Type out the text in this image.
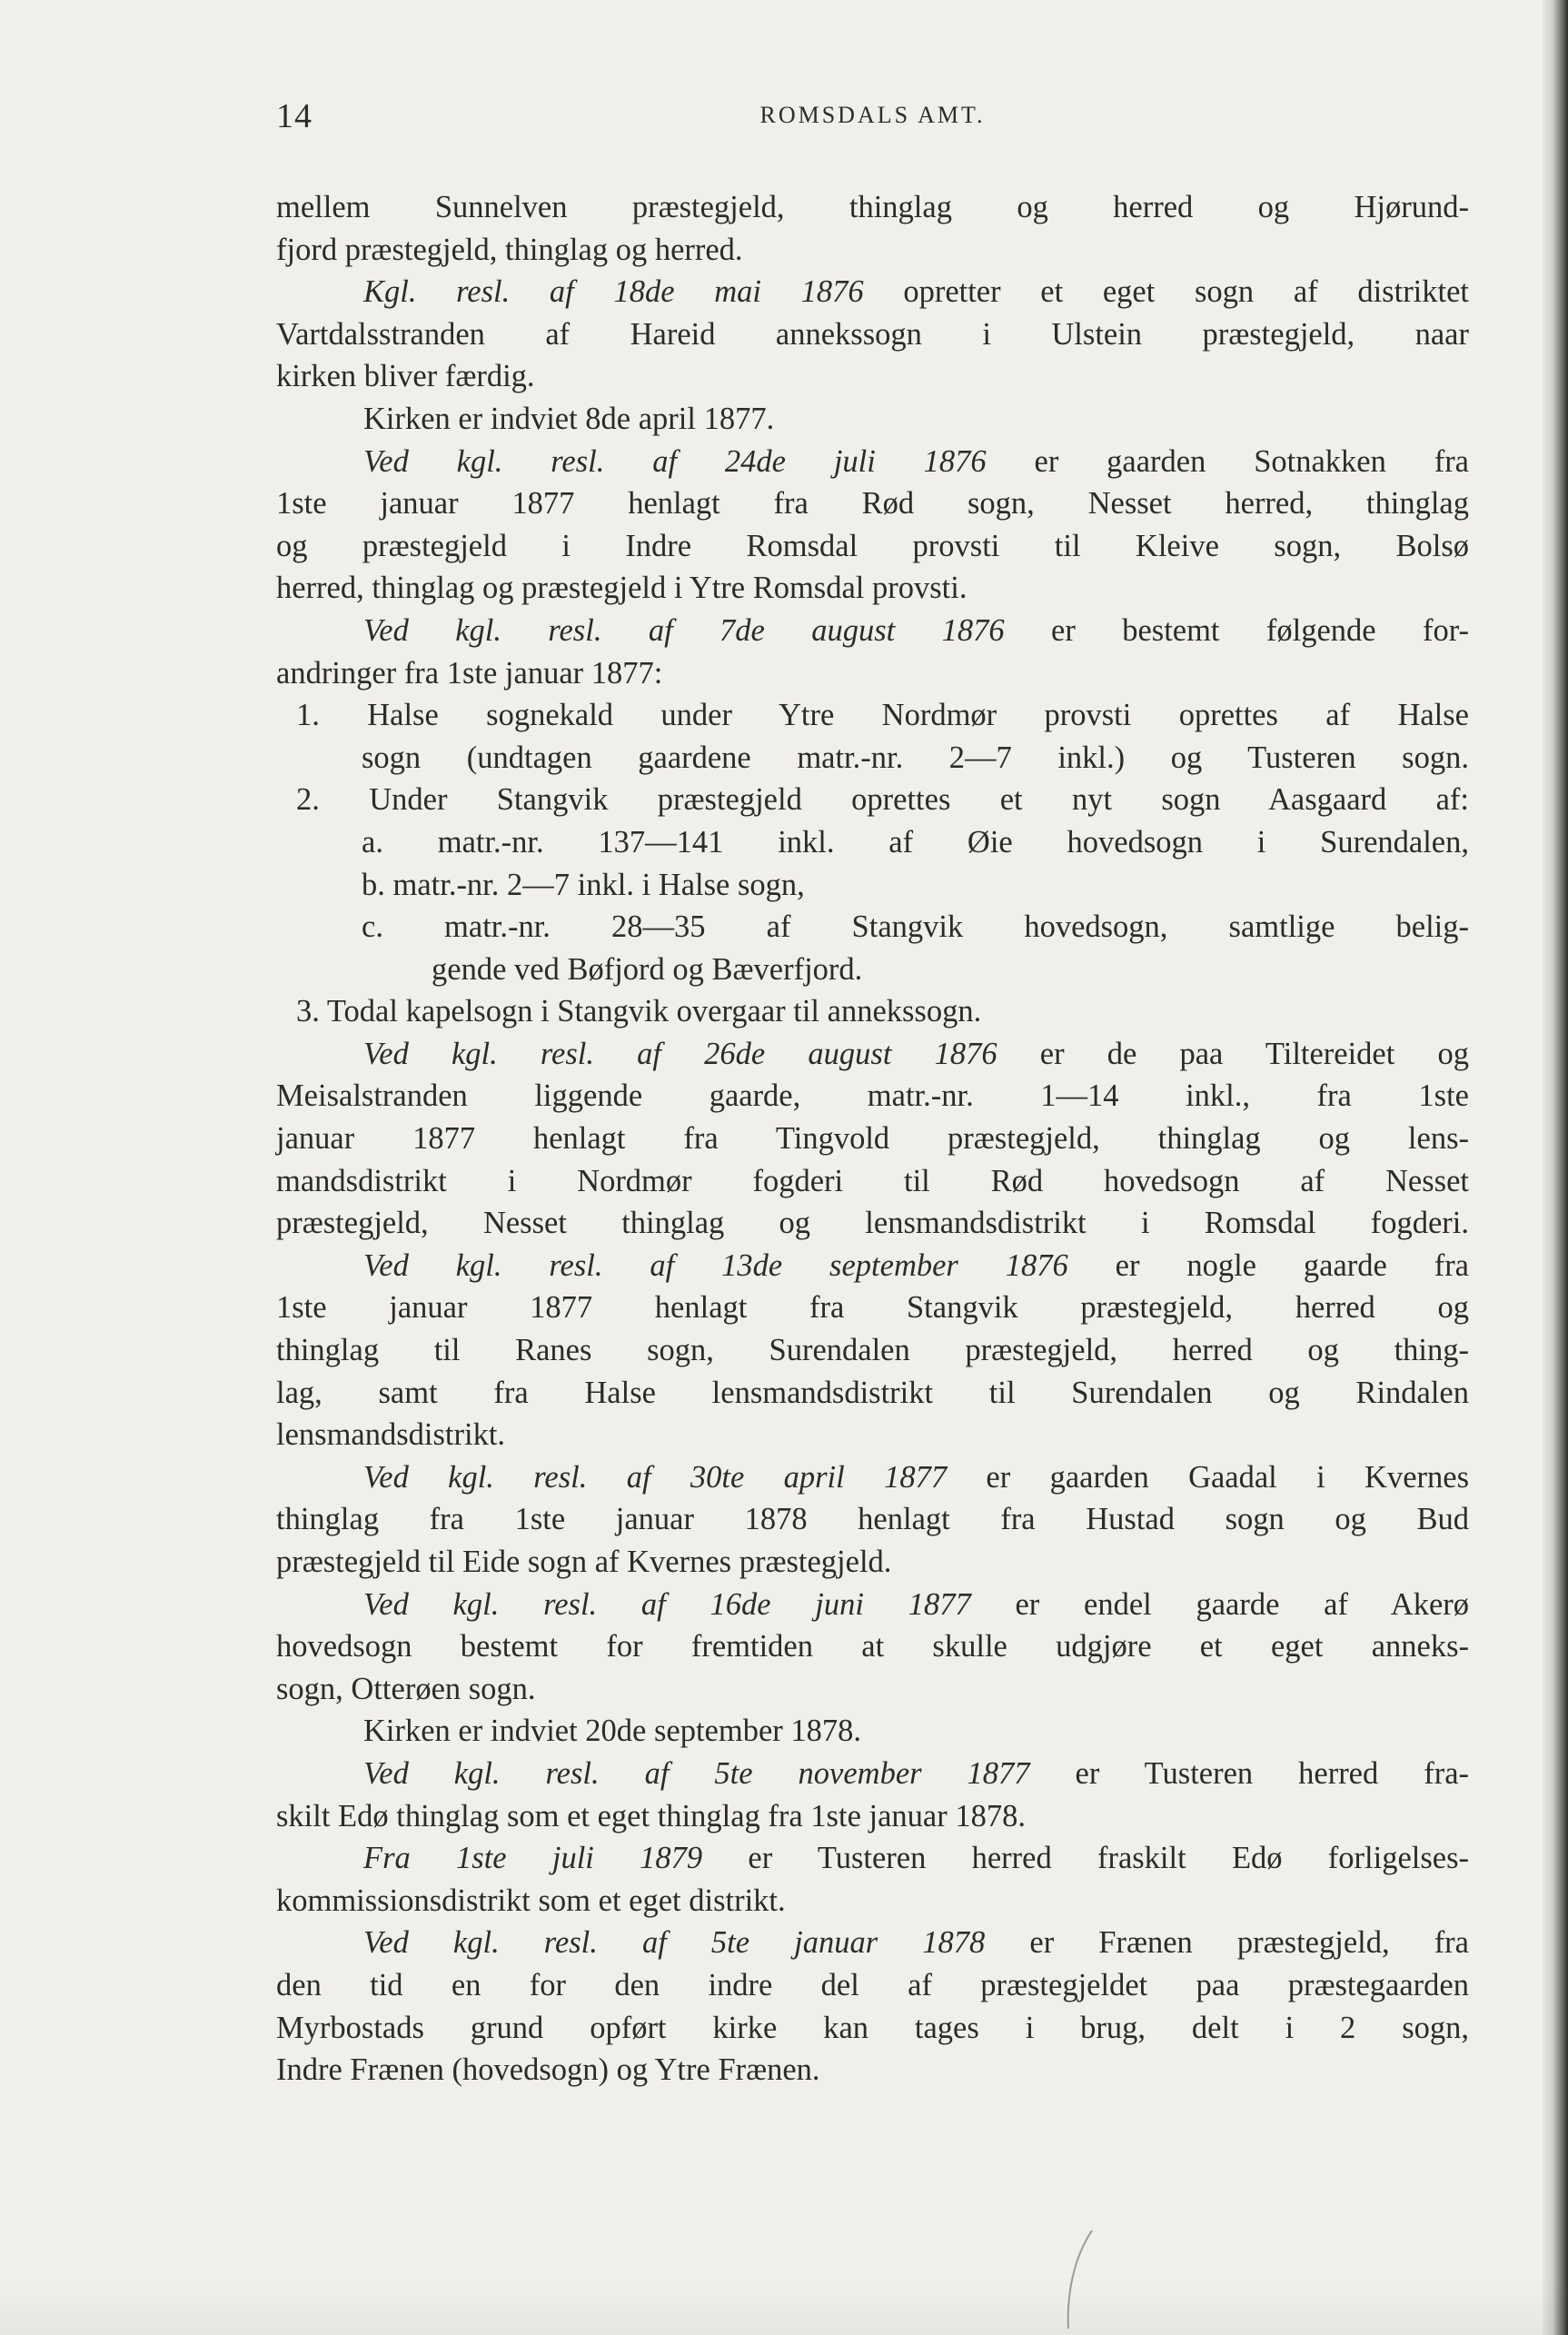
14	ROMSDALS AMT.
mellem Sunnelven præstegjeld, thinglag og herred og Hjørund-
fjord præstegjeld, thinglag og herred.
Kgl. resl. af 18de mai 1876 opretter et eget sogn af distriktet
Vartdalsstranden af Hareid annekssogn i Ulstein præstegjeld, naar
kirken bliver færdig.
Kirken er indviet 8de april 1877.
Ved kgl. resl. af 24de juli 1876 er gaarden Sotnakken fra
1ste januar 1877 henlagt fra Rød sogn, Nesset herred, thinglag
og præstegjeld i Indre Romsdal provsti til Kleive sogn, Bolsø
herred, thinglag og præstegjeld i Ytre Romsdal provsti.
Ved kgl. resl. af 7de august 1876 er bestemt følgende for-
andringer fra 1ste januar 1877:
1. Halse sognekald under Ytre Nordmør provsti oprettes af Halse
sogn (undtagen gaardene matr.-nr. 2—7 inkl.) og Tusteren sogn.
2. Under Stangvik præstegjeld oprettes et nyt sogn Aasgaard af:
a. matr.-nr. 137—141 inkl. af Øie hovedsogn i Surendalen,
b. matr.-nr. 2—7 inkl. i Halse sogn,
c. matr.-nr. 28—35 af Stangvik hovedsogn, samtlige belig-
gende ved Bøfjord og Bæverfjord.
3. Todal kapelsogn i Stangvik overgaar til annekssogn.
Ved kgl. resl. af 26de august 1876 er de paa Tiltereidet og
Meisalstranden liggende gaarde, matr.-nr. 1—14 inkl., fra 1ste
januar 1877 henlagt fra Tingvold præstegjeld, thinglag og lens-
mandsdistrikt i Nordmør fogderi til Rød hovedsogn af Nesset
præstegjeld, Nesset thinglag og lensmandsdistrikt i Romsdal fogderi.
Ved kgl. resl. af 13de september 1876 er nogle gaarde fra
1ste januar 1877 henlagt fra Stangvik præstegjeld, herred og
thinglag til Ranes sogn, Surendalen præstegjeld, herred og thing-
lag, samt fra Halse lensmandsdistrikt til Surendalen og Rindalen
lensmandsdistrikt.
Ved kgl. resl. af 30te april 1877 er gaarden Gaadal i Kvernes
thinglag fra 1ste januar 1878 henlagt fra Hustad sogn og Bud
præstegjeld til Eide sogn af Kvernes præstegjeld.
Ved kgl. resl. af 16de juni 1877 er endel gaarde af Akerø
hovedsogn bestemt for fremtiden at skulle udgjøre et eget anneks-
sogn, Otterøen sogn.
Kirken er indviet 20de september 1878.
Ved kgl. resl. af 5te november 1877 er Tusteren herred fra-
skilt Edø thinglag som et eget thinglag fra 1ste januar 1878.
Fra 1ste juli 1879 er Tusteren herred fraskilt Edø forligelses-
kommissionsdistrikt som et eget distrikt.
Ved kgl. resl. af 5te januar 1878 er Frænen præstegjeld, fra
den tid en for den indre del af præstegjeldet paa præstegaarden
Myrbostads grund opført kirke kan tages i brug, delt i 2 sogn,
Indre Frænen (hovedsogn) og Ytre Frænen.
